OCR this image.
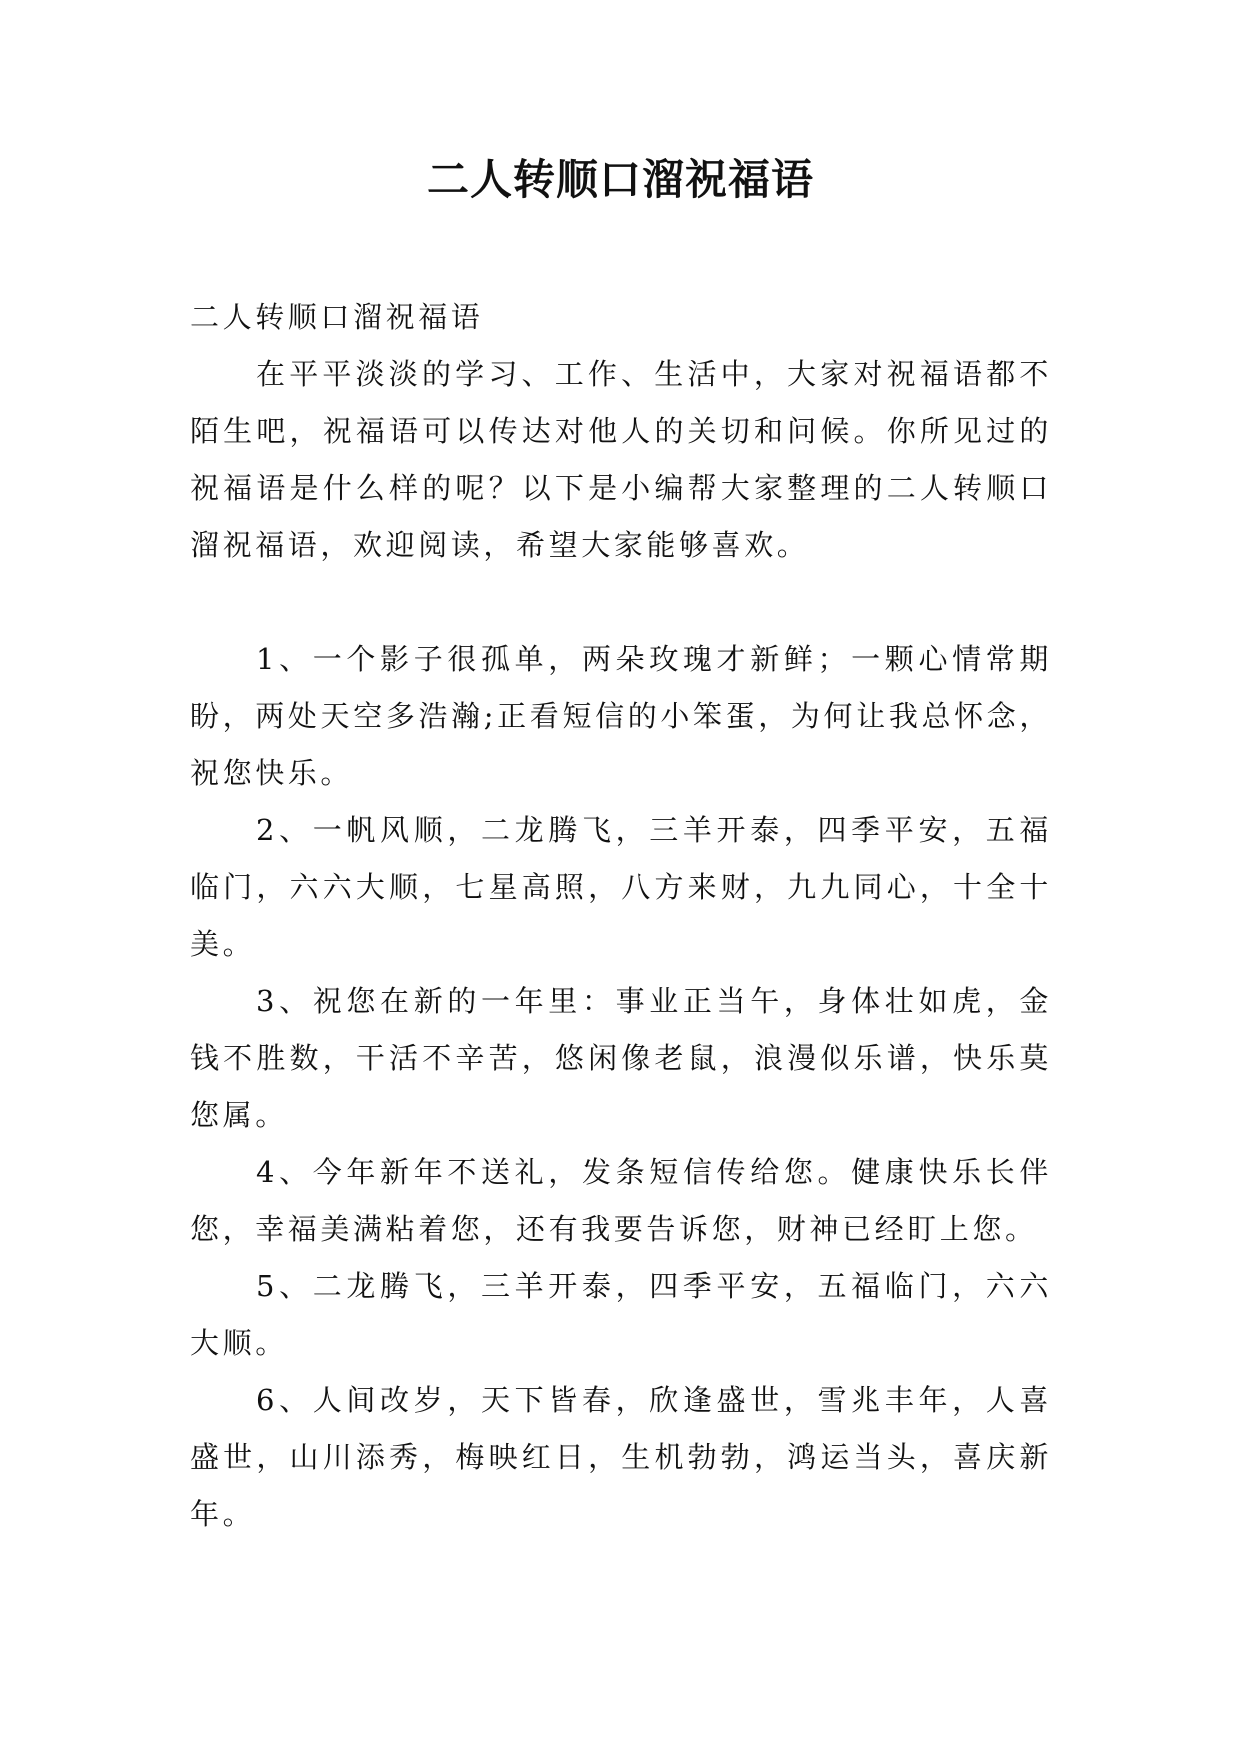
二人转顺口溜祝福语

二人转顺口溜祝福语

在平平淡淡的学习、工作、生活中，大家对祝福语都不陌生吧，祝福语可以传达对他人的关切和问候。你所见过的祝福语是什么样的呢？以下是小编帮大家整理的二人转顺口溜祝福语，欢迎阅读，希望大家能够喜欢。

1、一个影子很孤单，两朵玫瑰才新鲜；一颗心情常期盼，两处天空多浩瀚;正看短信的小笨蛋，为何让我总怀念，祝您快乐。

2、一帆风顺，二龙腾飞，三羊开泰，四季平安，五福临门，六六大顺，七星高照，八方来财，九九同心，十全十美。

3、祝您在新的一年里：事业正当午，身体壮如虎，金钱不胜数，干活不辛苦，悠闲像老鼠，浪漫似乐谱，快乐莫您属。

4、今年新年不送礼，发条短信传给您。健康快乐长伴您，幸福美满粘着您，还有我要告诉您，财神已经盯上您。

5、二龙腾飞，三羊开泰，四季平安，五福临门，六六大顺。

6、人间改岁，天下皆春，欣逢盛世，雪兆丰年，人喜盛世，山川添秀，梅映红日，生机勃勃，鸿运当头，喜庆新年。
